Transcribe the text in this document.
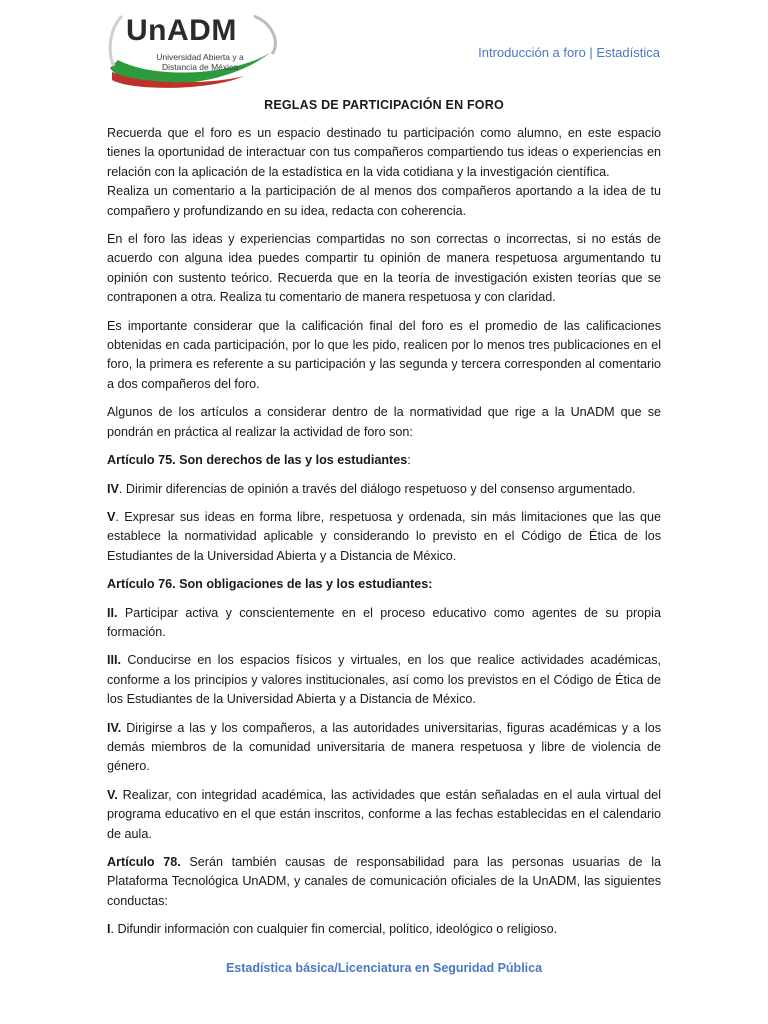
UnADM
Universidad Abierta y a
Distancia de México
Introducción a foro | Estadística
REGLAS DE PARTICIPACIÓN EN FORO

Recuerda que el foro es un espacio destinado tu participación como alumno, en este espacio tienes la oportunidad de interactuar con tus compañeros compartiendo tus ideas o experiencias en relación con la aplicación de la estadística en la vida cotidiana y la investigación científica.

Realiza un comentario a la participación de al menos dos compañeros aportando a la idea de tu compañero y profundizando en su idea, redacta con coherencia.

En el foro las ideas y experiencias compartidas no son correctas o incorrectas, si no estás de acuerdo con alguna idea puedes compartir tu opinión de manera respetuosa argumentando tu opinión con sustento teórico. Recuerda que en la teoría de investigación existen teorías que se contraponen a otra. Realiza tu comentario de manera respetuosa y con claridad.

Es importante considerar que la calificación final del foro es el promedio de las calificaciones obtenidas en cada participación, por lo que les pido, realicen por lo menos tres publicaciones en el foro, la primera es referente a su participación y las segunda y tercera corresponden al comentario a dos compañeros del foro.

Algunos de los artículos a considerar dentro de la normatividad que rige a la UnADM que se pondrán en práctica al realizar la actividad de foro son:

Artículo 75. Son derechos de las y los estudiantes:

IV. Dirimir diferencias de opinión a través del diálogo respetuoso y del consenso argumentado.

V. Expresar sus ideas en forma libre, respetuosa y ordenada, sin más limitaciones que las que establece la normatividad aplicable y considerando lo previsto en el Código de Ética de los Estudiantes de la Universidad Abierta y a Distancia de México.

Artículo 76. Son obligaciones de las y los estudiantes:

II. Participar activa y conscientemente en el proceso educativo como agentes de su propia formación.

III. Conducirse en los espacios físicos y virtuales, en los que realice actividades académicas, conforme a los principios y valores institucionales, así como los previstos en el Código de Ética de los Estudiantes de la Universidad Abierta y a Distancia de México.

IV. Dirigirse a las y los compañeros, a las autoridades universitarias, figuras académicas y a los demás miembros de la comunidad universitaria de manera respetuosa y libre de violencia de género.

V. Realizar, con integridad académica, las actividades que están señaladas en el aula virtual del programa educativo en el que están inscritos, conforme a las fechas establecidas en el calendario de aula.

Artículo 78. Serán también causas de responsabilidad para las personas usuarias de la Plataforma Tecnológica UnADM, y canales de comunicación oficiales de la UnADM, las siguientes conductas:

I. Difundir información con cualquier fin comercial, político, ideológico o religioso.

Estadística básica/Licenciatura en Seguridad Pública
